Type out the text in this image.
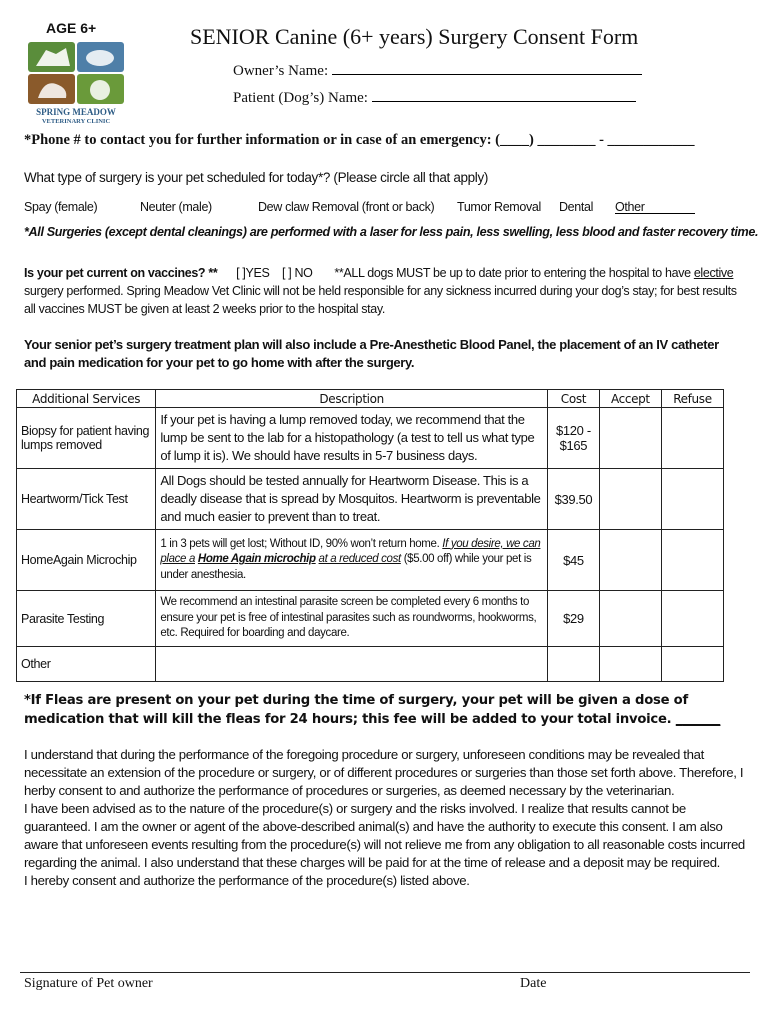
AGE 6+
SPRING MEADOW
VETERINARY CLINIC
SENIOR Canine (6+ years) Surgery Consent Form
Owner’s Name:
Patient (Dog’s) Name:
*Phone # to contact you for further information or in case of an emergency: (____) ________ - ____________
What type of surgery is your pet scheduled for today*? (Please circle all that apply)
Spay (female)	Neuter (male)	Dew claw Removal (front or back) Tumor Removal Dental Other
*All Surgeries (except dental cleanings) are performed with a laser for less pain, less swelling, less blood and faster recovery time.
Is your pet current on vaccines? ** [ ]YES [ ] NO **ALL dogs MUST be up to date prior to entering the hospital to have elective surgery performed. Spring Meadow Vet Clinic will not be held responsible for any sickness incurred during your dog’s stay; for best results all vaccines MUST be given at least 2 weeks prior to the hospital stay.
Your senior pet’s surgery treatment plan will also include a Pre-Anesthetic Blood Panel, the placement of an IV catheter and pain medication for your pet to go home with after the surgery.
Additional Services	Description	Cost	Accept	Refuse
Biopsy for patient having lumps removed	If your pet is having a lump removed today, we recommend that the lump be sent to the lab for a histopathology (a test to tell us what type of lump it is). We should have results in 5-7 business days.	$120 - $165		
Heartworm/Tick Test	All Dogs should be tested annually for Heartworm Disease. This is a deadly disease that is spread by Mosquitos. Heartworm is preventable and much easier to prevent than to treat.	$39.50		
HomeAgain Microchip	1 in 3 pets will get lost; Without ID, 90% won’t return home. If you desire, we can place a Home Again microchip at a reduced cost ($5.00 off) while your pet is under anesthesia.	$45		
Parasite Testing	We recommend an intestinal parasite screen be completed every 6 months to ensure your pet is free of intestinal parasites such as roundworms, hookworms, etc. Required for boarding and daycare.	$29		
Other				
*If Fleas are present on your pet during the time of surgery, your pet will be given a dose of medication that will kill the fleas for 24 hours; this fee will be added to your total invoice. _______
I understand that during the performance of the foregoing procedure or surgery, unforeseen conditions may be revealed that necessitate an extension of the procedure or surgery, or of different procedures or surgeries than those set forth above. Therefore, I herby consent to and authorize the performance of procedures or surgeries, as deemed necessary by the veterinarian.
I have been advised as to the nature of the procedure(s) or surgery and the risks involved. I realize that results cannot be guaranteed. I am the owner or agent of the above-described animal(s) and have the authority to execute this consent. I am also aware that unforeseen events resulting from the procedure(s) will not relieve me from any obligation to all reasonable costs incurred regarding the animal. I also understand that these charges will be paid for at the time of release and a deposit may be required.
I hereby consent and authorize the performance of the procedure(s) listed above.
Signature of Pet owner	Date
